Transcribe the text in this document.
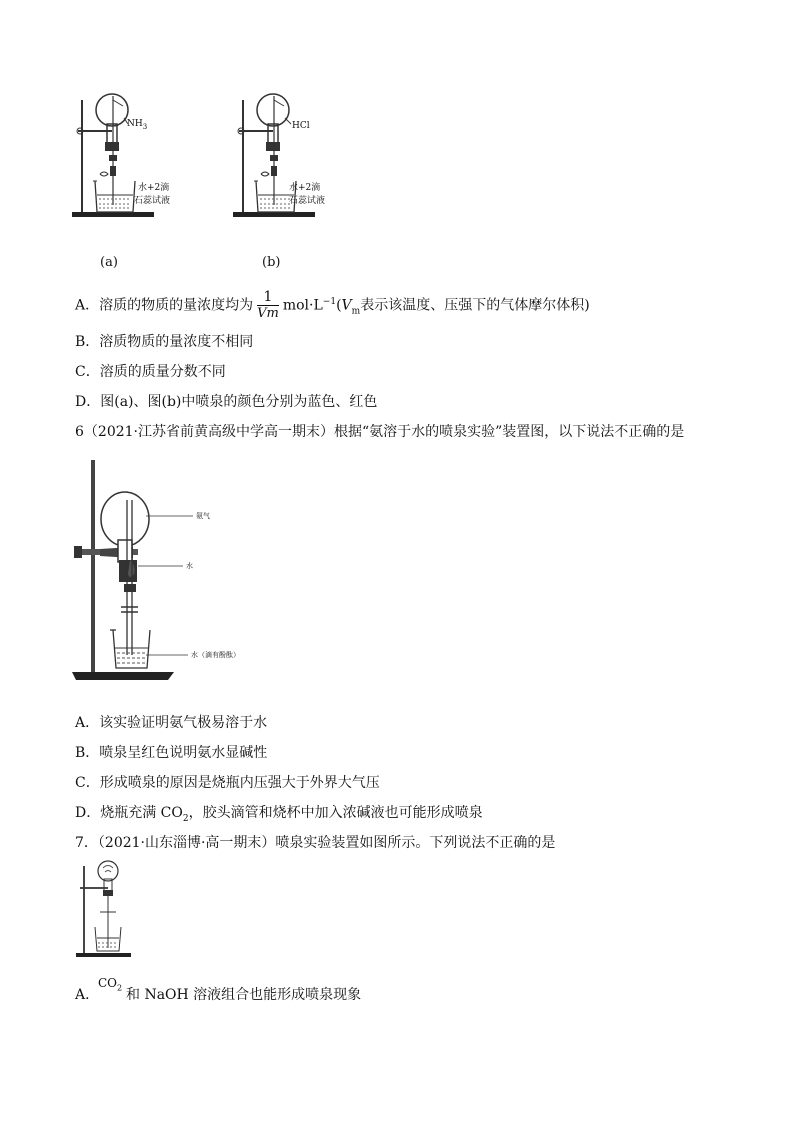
$NH_3$
水+2滴
石蕊试液
(a)
HCl
水+2滴
石蕊试液
(b)
A．溶质的物质的量浓度均为 $\frac{1}{Vm} mol\cdot L^{-1}(V_m$表示该温度、压强下的气体摩尔体积)
B．溶质物质的量浓度不相同
C．溶质的质量分数不同
D．图(a)、图(b)中喷泉的颜色分别为蓝色、红色
6（2021·江苏省前黄高级中学高一期末）根据“氨溶于水的喷泉实验”装置图，以下说法不正确的是
氨气
水
水（滴有酚酞）
A．该实验证明氨气极易溶于水
B．喷泉呈红色说明氨水显碱性
C．形成喷泉的原因是烧瓶内压强大于外界大气压
D．烧瓶充满 $CO_2$，胶头滴管和烧杯中加入浓碱液也可能形成喷泉
7．（2021·山东淄博·高一期末）喷泉实验装置如图所示。下列说法不正确的是
A．
$CO_2$ 和 NaOH 溶液组合也能形成喷泉现象
